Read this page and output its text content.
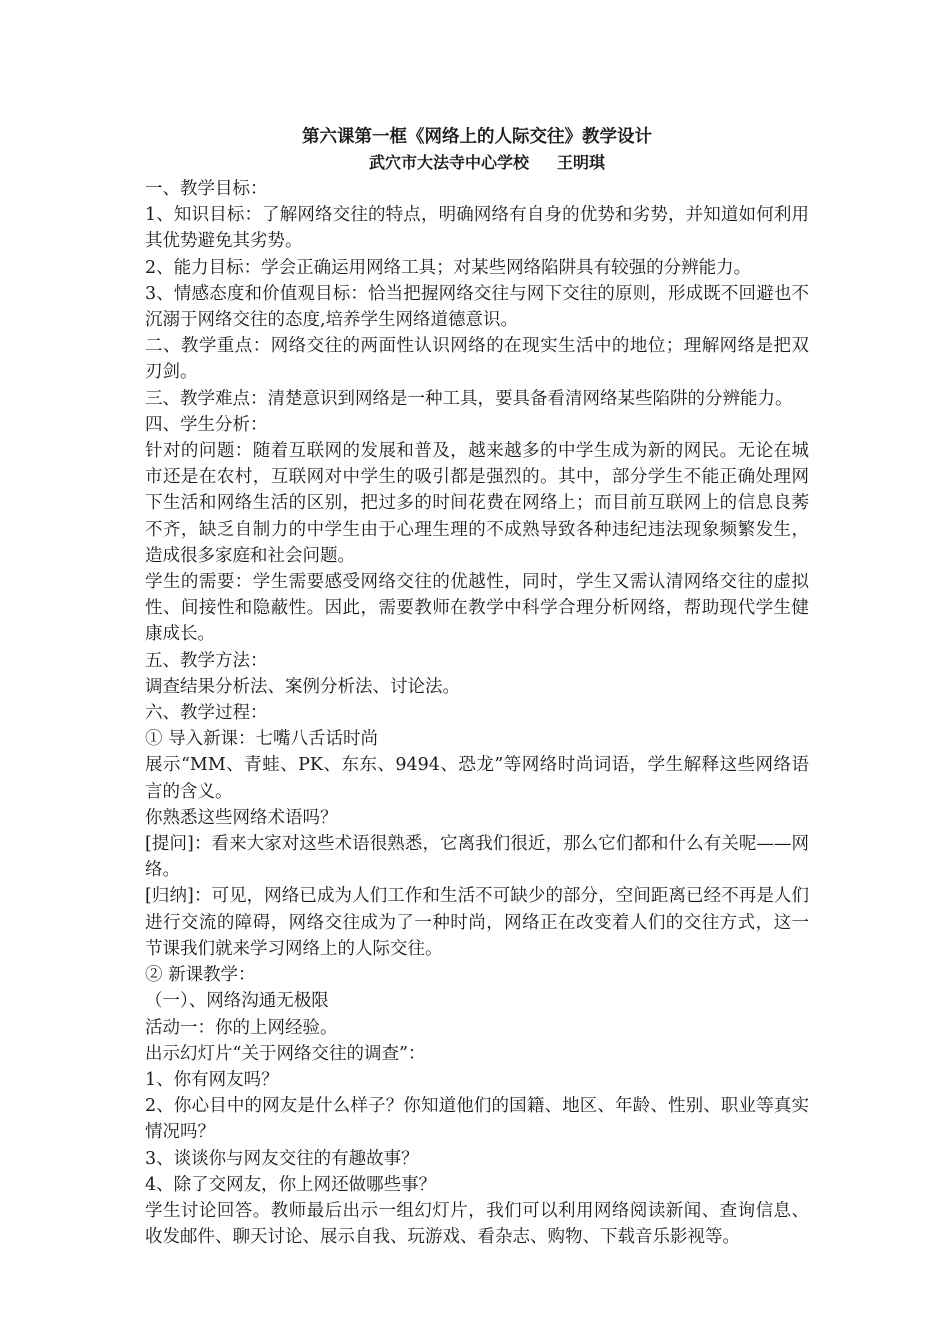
第六课第一框《网络上的人际交往》教学设计

武穴市大法寺中心学校 王明琪

一、教学目标：

1、知识目标：了解网络交往的特点，明确网络有自身的优势和劣势，并知道如何利用其优势避免其劣势。

2、能力目标：学会正确运用网络工具；对某些网络陷阱具有较强的分辨能力。

3、情感态度和价值观目标：恰当把握网络交往与网下交往的原则，形成既不回避也不沉溺于网络交往的态度,培养学生网络道德意识。

二、教学重点：网络交往的两面性认识网络的在现实生活中的地位；理解网络是把双刃剑。

三、教学难点：清楚意识到网络是一种工具，要具备看清网络某些陷阱的分辨能力。

四、学生分析：

针对的问题：随着互联网的发展和普及，越来越多的中学生成为新的网民。无论在城市还是在农村，互联网对中学生的吸引都是强烈的。其中，部分学生不能正确处理网下生活和网络生活的区别，把过多的时间花费在网络上；而目前互联网上的信息良莠不齐，缺乏自制力的中学生由于心理生理的不成熟导致各种违纪违法现象频繁发生，造成很多家庭和社会问题。

学生的需要：学生需要感受网络交往的优越性，同时，学生又需认清网络交往的虚拟性、间接性和隐蔽性。因此，需要教师在教学中科学合理分析网络，帮助现代学生健康成长。

五、教学方法：

调查结果分析法、案例分析法、讨论法。

六、教学过程：

① 导入新课：七嘴八舌话时尚

展示“MM、青蛙、PK、东东、9494、恐龙”等网络时尚词语，学生解释这些网络语言的含义。

你熟悉这些网络术语吗？

[提问]：看来大家对这些术语很熟悉，它离我们很近，那么它们都和什么有关呢——网络。

[归纳]：可见，网络已成为人们工作和生活不可缺少的部分，空间距离已经不再是人们进行交流的障碍，网络交往成为了一种时尚，网络正在改变着人们的交往方式，这一节课我们就来学习网络上的人际交往。

② 新课教学：

（一）、网络沟通无极限

活动一：你的上网经验。

出示幻灯片“关于网络交往的调查”：

1、你有网友吗？

2、你心目中的网友是什么样子？你知道他们的国籍、地区、年龄、性别、职业等真实情况吗？

3、谈谈你与网友交往的有趣故事？

4、除了交网友，你上网还做哪些事？

学生讨论回答。教师最后出示一组幻灯片，我们可以利用网络阅读新闻、查询信息、收发邮件、聊天讨论、展示自我、玩游戏、看杂志、购物、下载音乐影视等。
